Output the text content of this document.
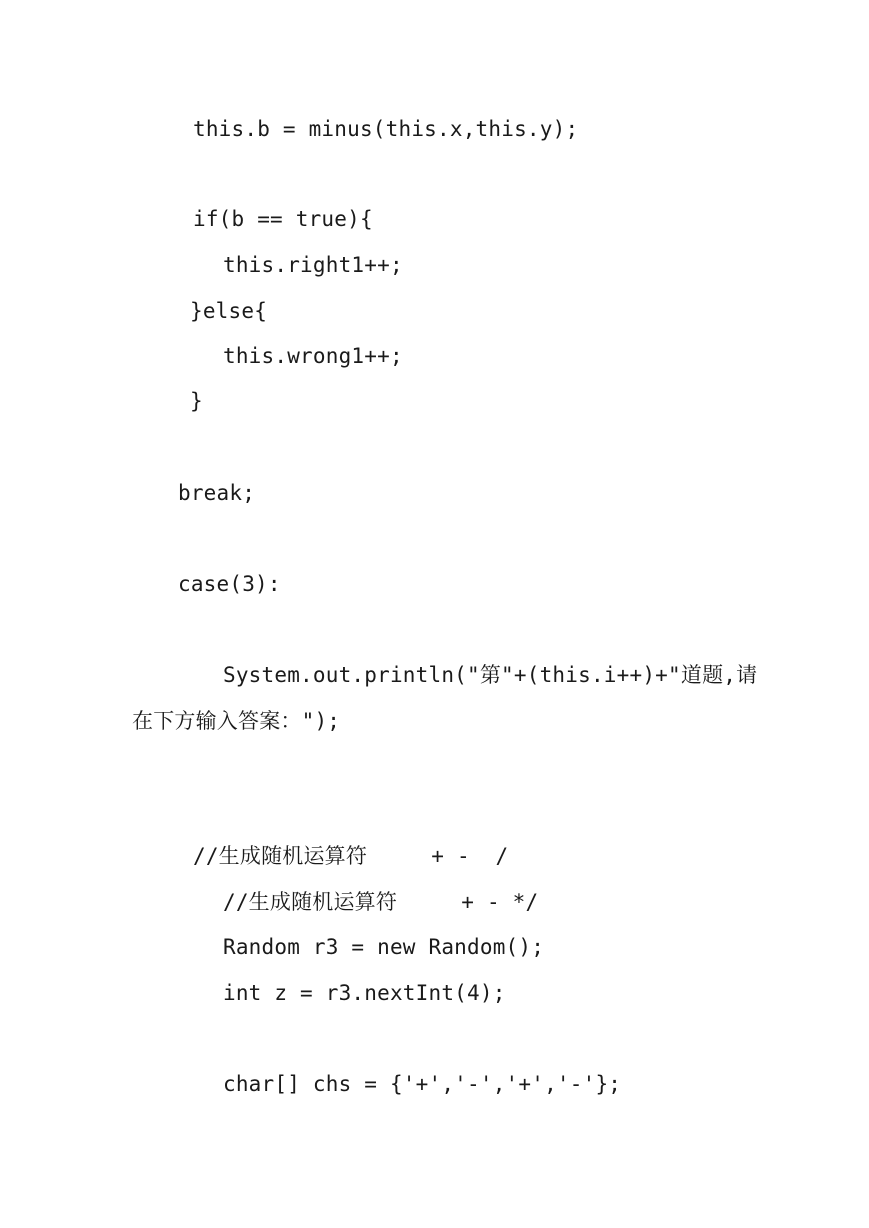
this.b = minus(this.x,this.y);
if(b == true){
this.right1++;
}else{
this.wrong1++;
}
break;
case(3):
System.out.println("第"+(this.i++)+"道题,请
在下方输入答案：");
//生成随机运算符     + -  /
//生成随机运算符     + - */
Random r3 = new Random();
int z = r3.nextInt(4);
char[] chs = {'+','-','+','-'};
